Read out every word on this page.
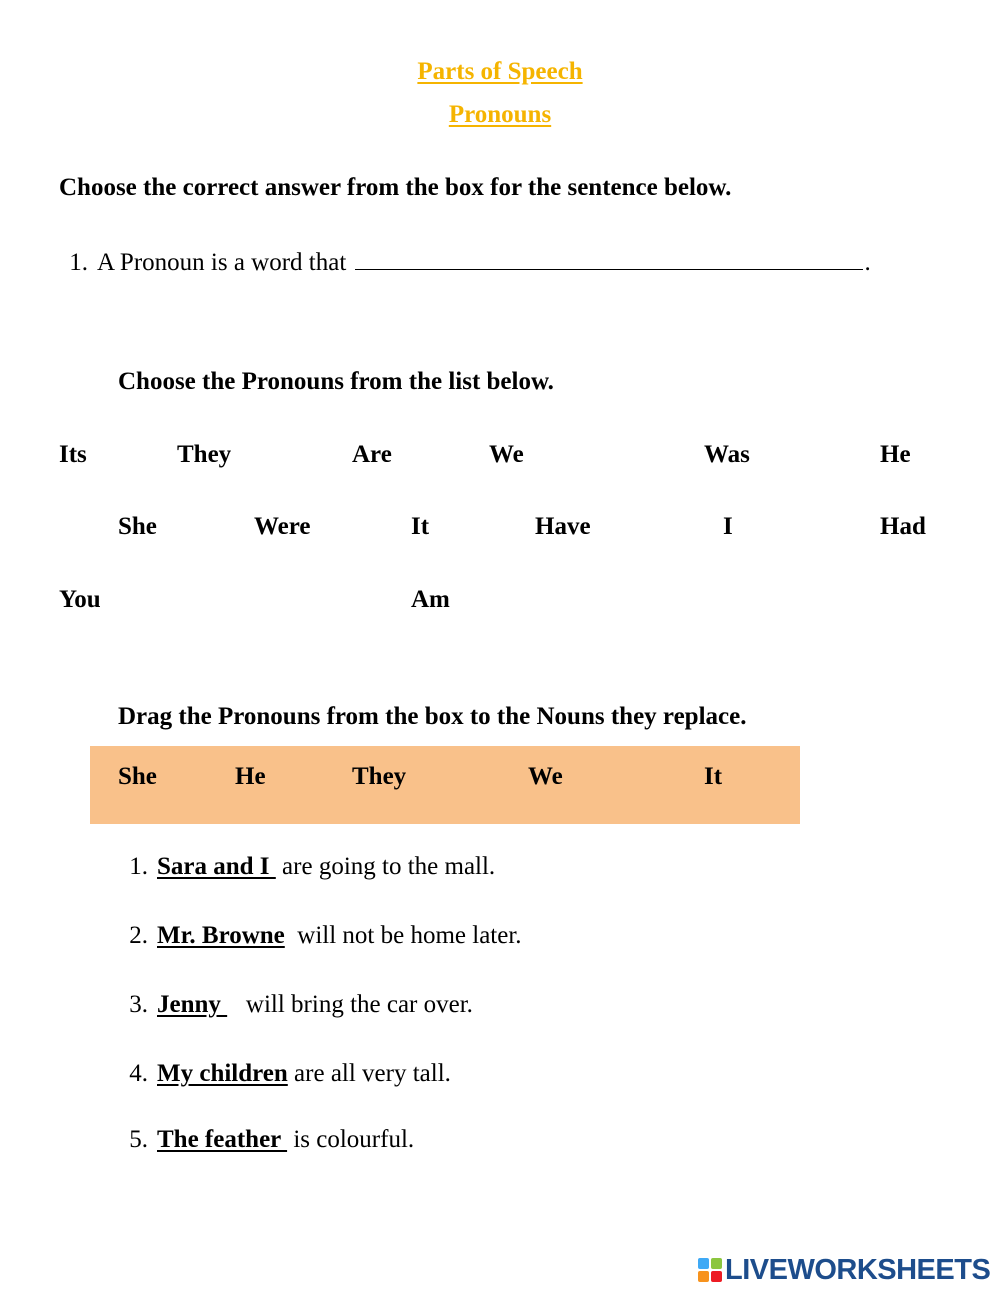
Parts of Speech
Pronouns
Choose the correct answer from the box for the sentence below.
1. A Pronoun is a word that	.
Choose the Pronouns from the list below.
Its	They	Are	We	Was	He
She	Were	It	Have	I	Had
You	Am
Drag the Pronouns from the box to the Nouns they replace.
She	He	They	We	It
1. Sara and I  are going to the mall.
2. Mr. Browne will not be home later.
3. Jenny    will bring the car over.
4. My children are all very tall.
5. The feather  is colourful.
LIVEWORKSHEETS
